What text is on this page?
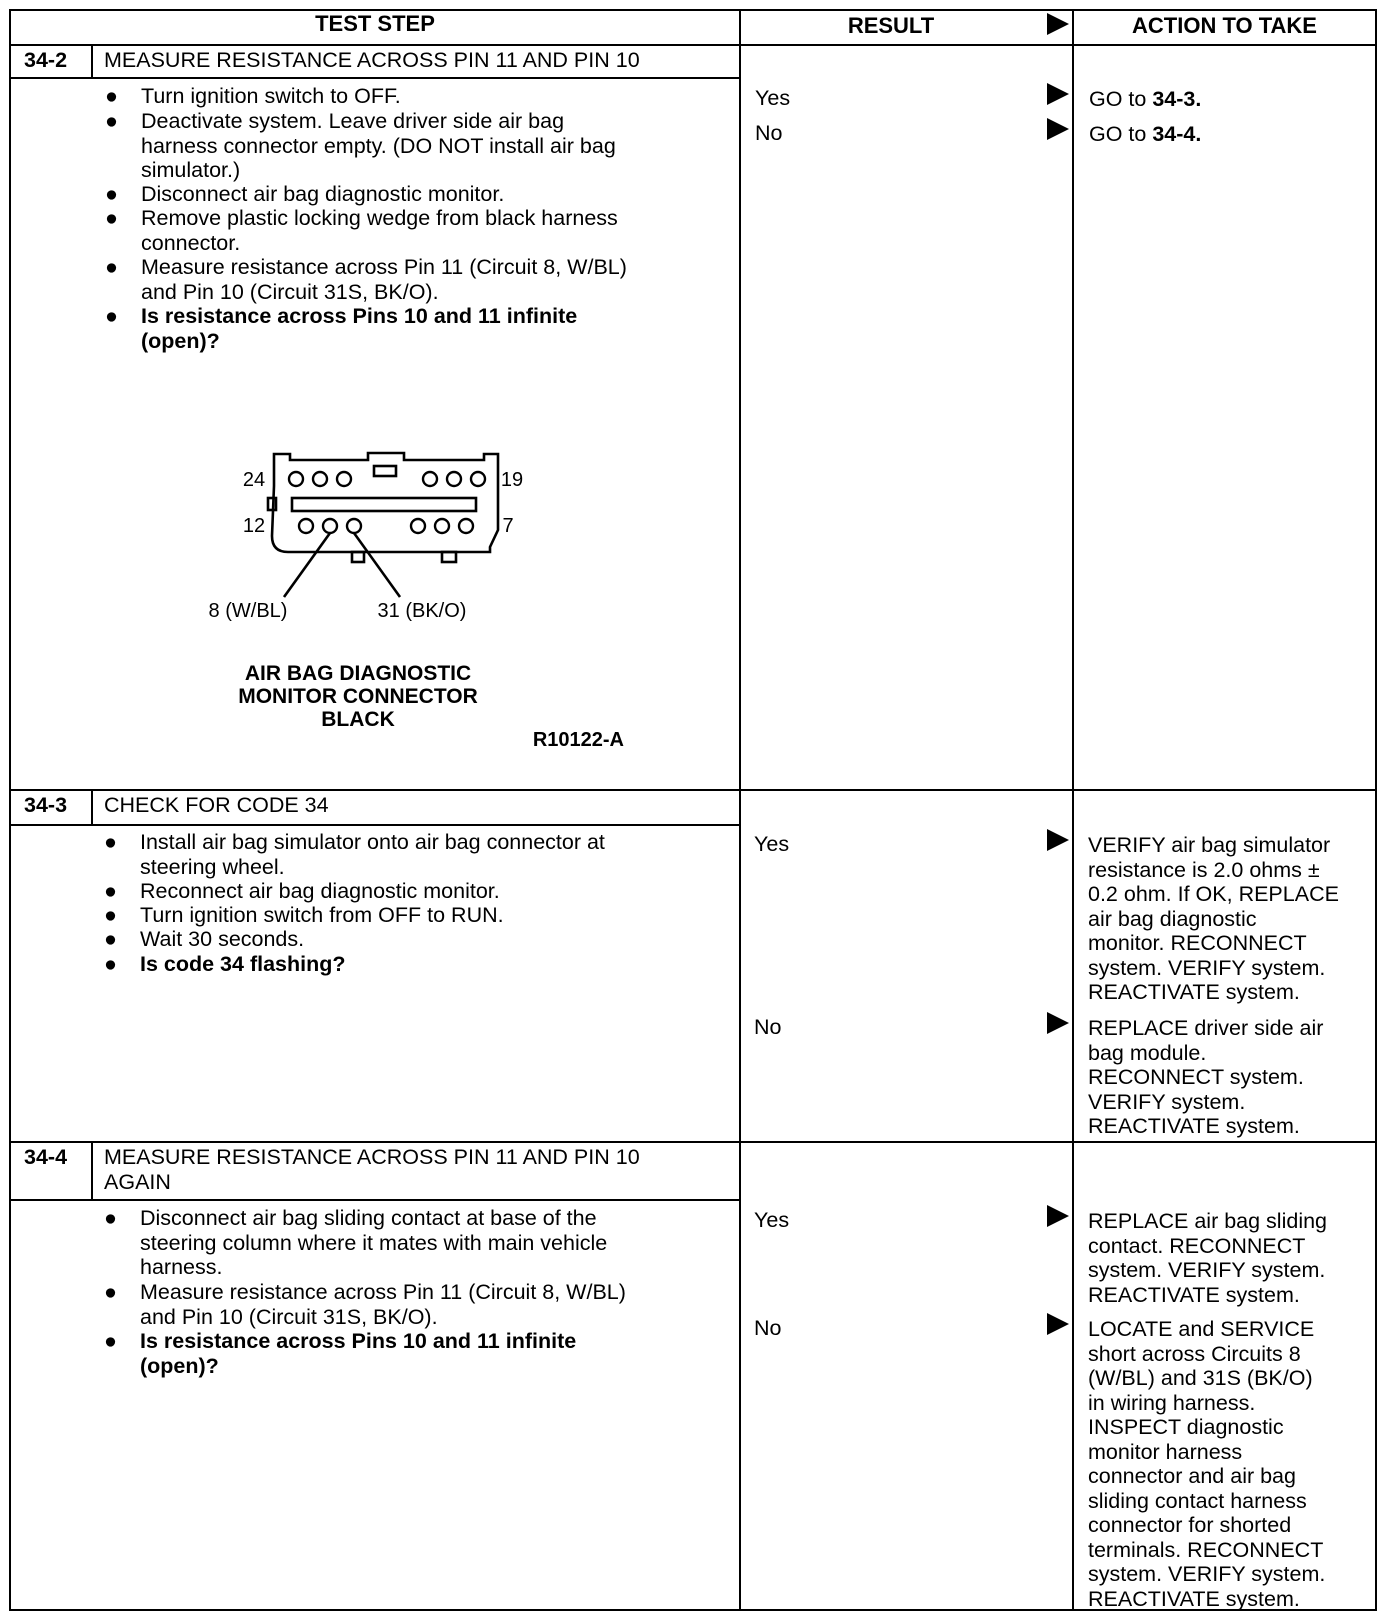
TEST STEP	RESULT	ACTION TO TAKE
34-2 MEASURE RESISTANCE ACROSS PIN 11 AND PIN 10
● Turn ignition switch to OFF.
● Deactivate system. Leave driver side air bag
harness connector empty. (DO NOT install air bag
simulator.)
● Disconnect air bag diagnostic monitor.
● Remove plastic locking wedge from black harness
connector.
● Measure resistance across Pin 11 (Circuit 8, W/BL)
and Pin 10 (Circuit 31S, BK/O).
● Is resistance across Pins 10 and 11 infinite
(open)?
24	19
12	7
8 (W/BL)	31 (BK/O)
AIR BAG DIAGNOSTIC
MONITOR CONNECTOR
BLACK
R10122-A
Yes	GO to 34-3.
No	GO to 34-4.
34-3 CHECK FOR CODE 34
● Install air bag simulator onto air bag connector at
steering wheel.
● Reconnect air bag diagnostic monitor.
● Turn ignition switch from OFF to RUN.
● Wait 30 seconds.
● Is code 34 flashing?
Yes	VERIFY air bag simulator
resistance is 2.0 ohms ±
0.2 ohm. If OK, REPLACE
air bag diagnostic
monitor. RECONNECT
system. VERIFY system.
REACTIVATE system.
No	REPLACE driver side air
bag module.
RECONNECT system.
VERIFY system.
REACTIVATE system.
34-4 MEASURE RESISTANCE ACROSS PIN 11 AND PIN 10
AGAIN
● Disconnect air bag sliding contact at base of the
steering column where it mates with main vehicle
harness.
● Measure resistance across Pin 11 (Circuit 8, W/BL)
and Pin 10 (Circuit 31S, BK/O).
● Is resistance across Pins 10 and 11 infinite
(open)?
Yes	REPLACE air bag sliding
contact. RECONNECT
system. VERIFY system.
REACTIVATE system.
No	LOCATE and SERVICE
short across Circuits 8
(W/BL) and 31S (BK/O)
in wiring harness.
INSPECT diagnostic
monitor harness
connector and air bag
sliding contact harness
connector for shorted
terminals. RECONNECT
system. VERIFY system.
REACTIVATE system.
